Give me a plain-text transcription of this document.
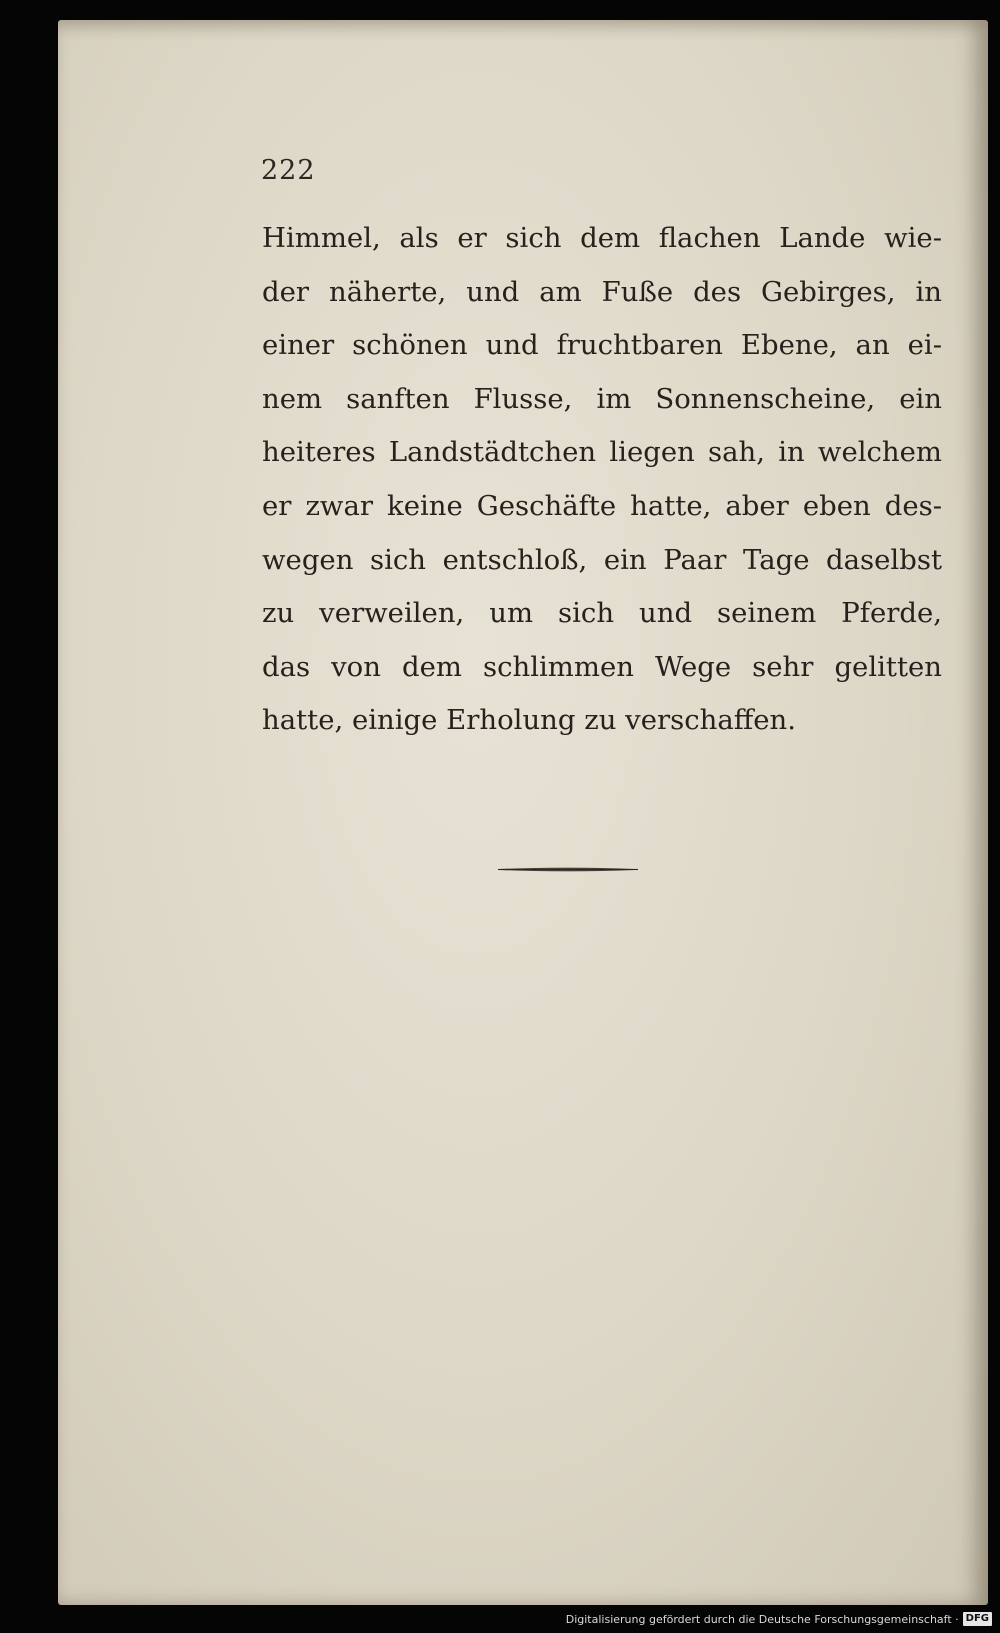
222
Himmel, als er sich dem flachen Lande wie-
der näherte, und am Fuße des Gebirges, in
einer schönen und fruchtbaren Ebene, an ei-
nem sanften Flusse, im Sonnenscheine, ein
heiteres Landstädtchen liegen sah, in welchem
er zwar keine Geschäfte hatte, aber eben des-
wegen sich entschloß, ein Paar Tage daselbst
zu verweilen, um sich und seinem Pferde,
das von dem schlimmen Wege sehr gelitten
hatte, einige Erholung zu verschaffen.
Digitalisierung gefördert durch die Deutsche Forschungsgemeinschaft · DFG
